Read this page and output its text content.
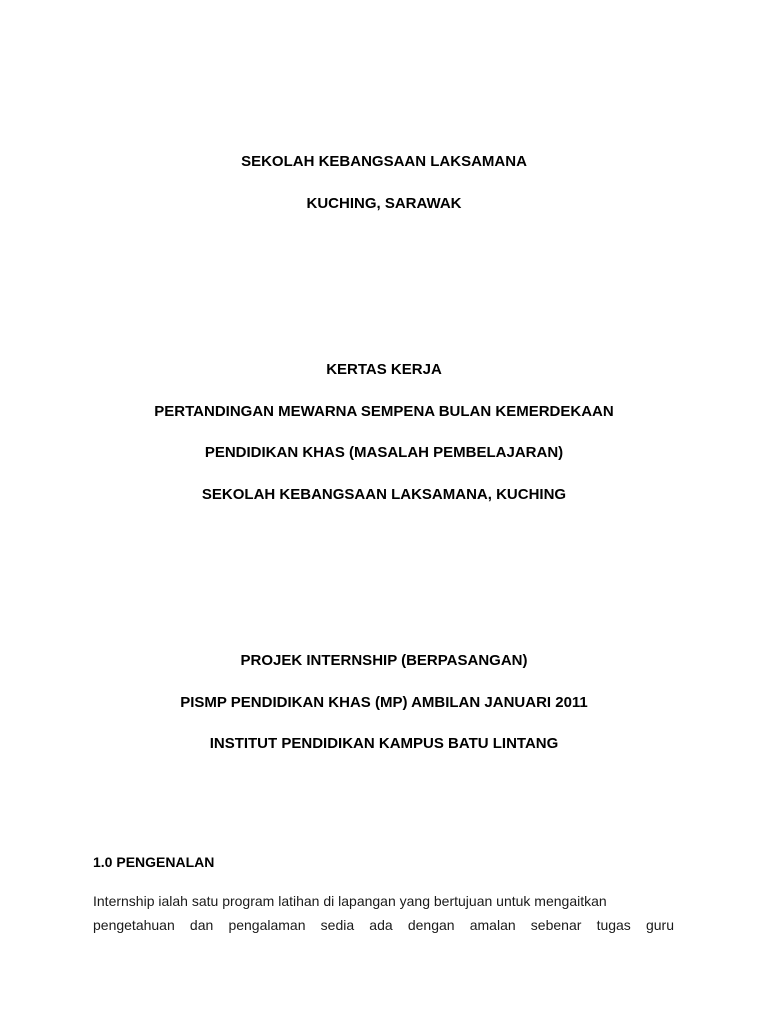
SEKOLAH KEBANGSAAN LAKSAMANA
KUCHING, SARAWAK
KERTAS KERJA
PERTANDINGAN MEWARNA SEMPENA BULAN KEMERDEKAAN
PENDIDIKAN KHAS (MASALAH PEMBELAJARAN)
SEKOLAH KEBANGSAAN LAKSAMANA, KUCHING
PROJEK INTERNSHIP (BERPASANGAN)
PISMP PENDIDIKAN KHAS (MP) AMBILAN JANUARI 2011
INSTITUT PENDIDIKAN KAMPUS BATU LINTANG
1.0 PENGENALAN
Internship ialah satu program latihan di lapangan yang bertujuan untuk mengaitkan
pengetahuan dan pengalaman sedia ada dengan amalan sebenar tugas guru
